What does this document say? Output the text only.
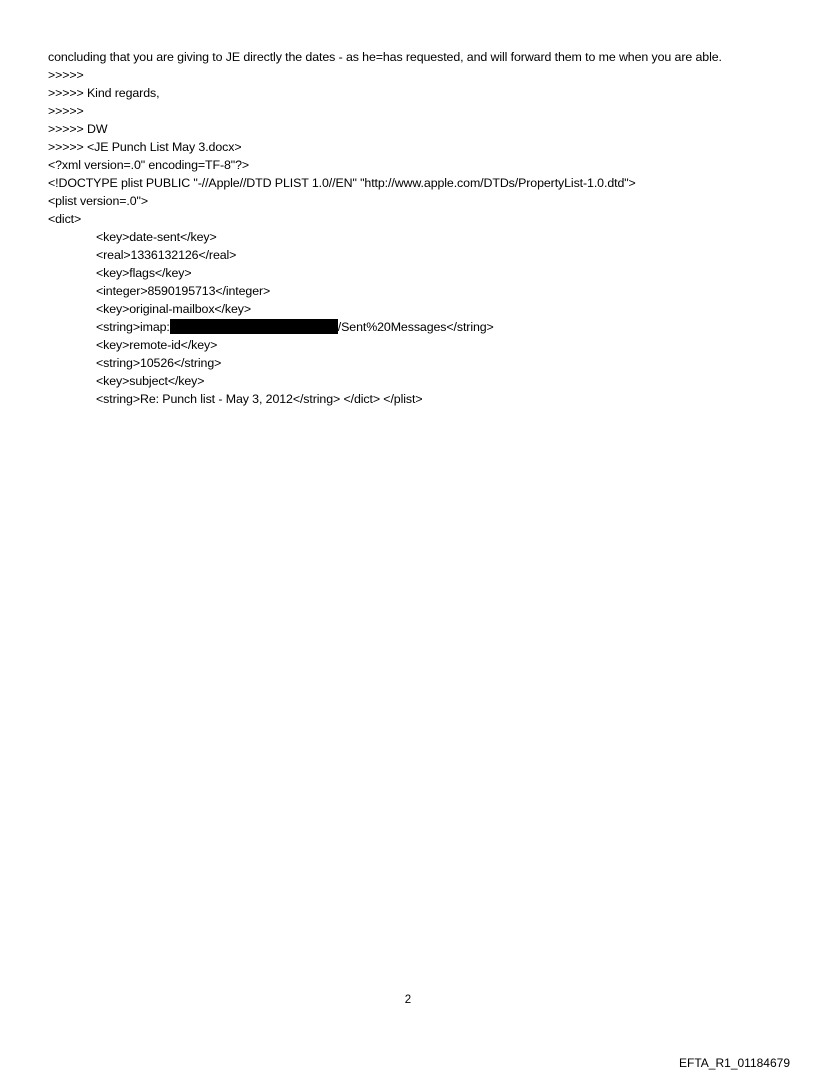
concluding that you are giving to JE directly the dates - as he=has requested, and will forward them to me when you are able.
>>>>>
>>>>> Kind regards,
>>>>>
>>>>> DW
>>>>> <JE Punch List May 3.docx>
<?xml version=.0" encoding=TF-8"?>
<!DOCTYPE plist PUBLIC "-//Apple//DTD PLIST 1.0//EN" "http://www.apple.com/DTDs/PropertyList-1.0.dtd">
<plist version=.0">
<dict>
<key>date-sent</key>
<real>1336132126</real>
<key>flags</key>
<integer>8590195713</integer>
<key>original-mailbox</key>
<string>imap:	/Sent%20Messages</string>
<key>remote-id</key>
<string>10526</string>
<key>subject</key>
<string>Re: Punch list - May 3, 2012</string> </dict> </plist>
2
EFTA_R1_01184679
